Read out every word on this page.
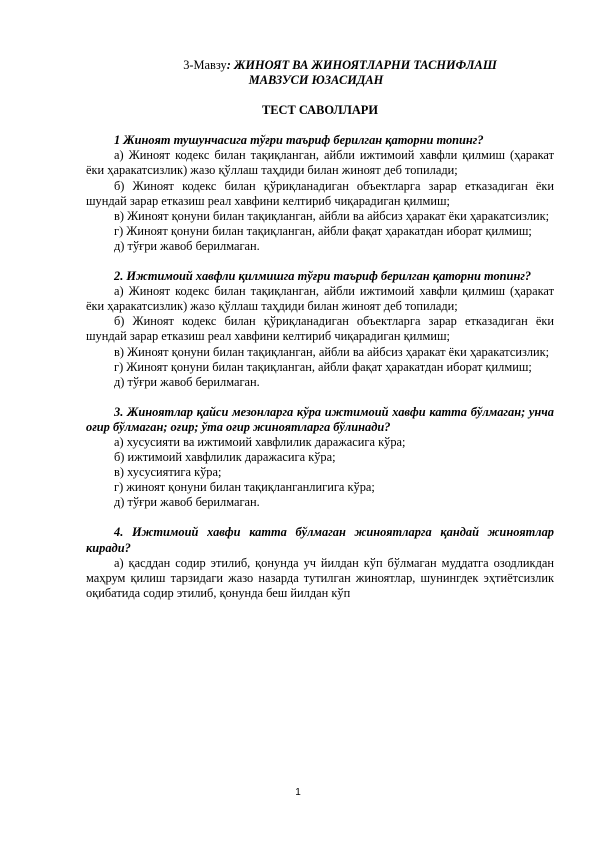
3-Мавзу: ЖИНОЯТ ВА ЖИНОЯТЛАРНИ ТАСНИФЛАШ
МАВЗУСИ ЮЗАСИДАН
ТЕСТ САВОЛЛАРИ
1 Жиноят тушунчасига тўғри таъриф берилган қаторни топинг?
а) Жиноят кодекс билан тақиқланган, айбли ижтимоий хавфли қилмиш (ҳаракат ёки ҳаракатсизлик) жазо қўллаш таҳдиди билан жиноят деб топилади;
б) Жиноят кодекс билан қўриқланадиган объектларга зарар етказадиган ёки шундай зарар етказиш реал хавфини келтириб чиқарадиган қилмиш;
в) Жиноят қонуни билан тақиқланган, айбли ва айбсиз ҳаракат ёки ҳаракатсизлик;
г) Жиноят қонуни билан тақиқланган, айбли фақат ҳаракатдан иборат қилмиш;
д) тўғри жавоб берилмаган.
2. Ижтимоий хавфли қилмишга тўғри таъриф берилган қаторни топинг?
а) Жиноят кодекс билан тақиқланган, айбли ижтимоий хавфли қилмиш (ҳаракат ёки ҳаракатсизлик) жазо қўллаш таҳдиди билан жиноят деб топилади;
б) Жиноят кодекс билан қўриқланадиган объектларга зарар етказадиган ёки шундай зарар етказиш реал хавфини келтириб чиқарадиган қилмиш;
в) Жиноят қонуни билан тақиқланган, айбли ва айбсиз ҳаракат ёки ҳаракатсизлик;
г) Жиноят қонуни билан тақиқланган, айбли фақат ҳаракатдан иборат қилмиш;
д) тўғри жавоб берилмаган.
3. Жиноятлар қайси мезонларга кўра ижтимоий хавфи катта бўлмаган; унча оғир бўлмаган; оғир; ўта оғир жиноятларга бўлинади?
а) хусусияти ва ижтимоий хавфлилик даражасига кўра;
б) ижтимоий хавфлилик даражасига кўра;
в) хусусиятига кўра;
г) жиноят қонуни билан тақиқланганлигига кўра;
д) тўғри жавоб берилмаган.
4. Ижтимоий хавфи катта бўлмаган жиноятларга қандай жиноятлар киради?
а) қасддан содир этилиб, қонунда уч йилдан кўп бўлмаган муддатга озодликдан маҳрум қилиш тарзидаги жазо назарда тутилган жиноятлар, шунингдек эҳтиётсизлик оқибатида содир этилиб, қонунда беш йилдан кўп
1
